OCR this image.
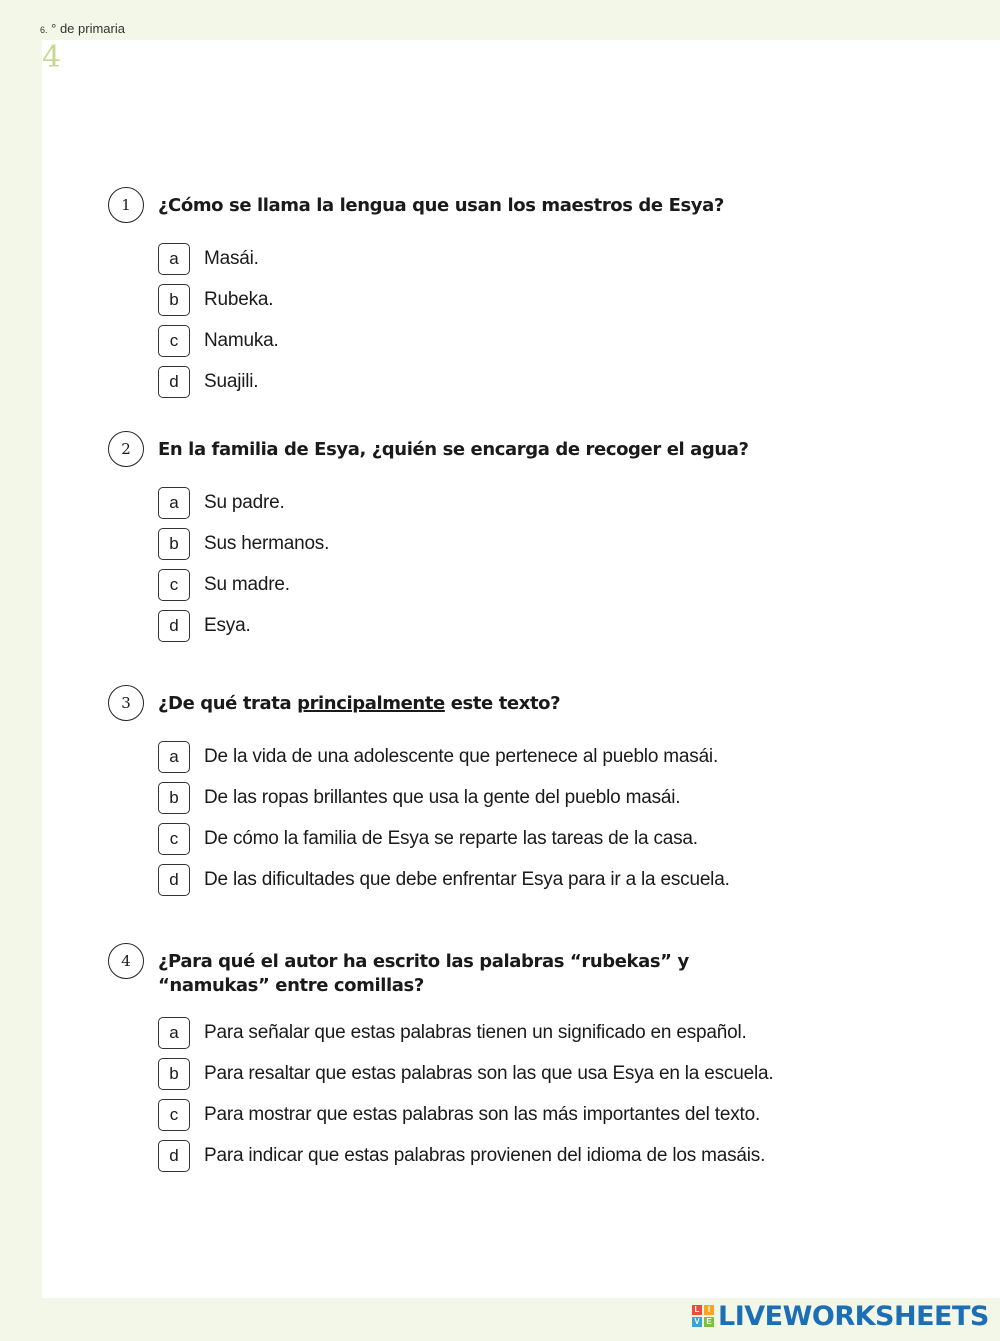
6. ° de primaria
4
1	¿Cómo se llama la lengua que usan los maestros de Esya?
a	Masái.
b	Rubeka.
c	Namuka.
d	Suajili.
2	En la familia de Esya, ¿quién se encarga de recoger el agua?
a	Su padre.
b	Sus hermanos.
c	Su madre.
d	Esya.
3	¿De qué trata principalmente este texto?
a	De la vida de una adolescente que pertenece al pueblo masái.
b	De las ropas brillantes que usa la gente del pueblo masái.
c	De cómo la familia de Esya se reparte las tareas de la casa.
d	De las dificultades que debe enfrentar Esya para ir a la escuela.
4	¿Para qué el autor ha escrito las palabras “rubekas” y “namukas” entre comillas?
a	Para señalar que estas palabras tienen un significado en español.
b	Para resaltar que estas palabras son las que usa Esya en la escuela.
c	Para mostrar que estas palabras son las más importantes del texto.
d	Para indicar que estas palabras provienen del idioma de los masáis.
L	I
V E LIVEWORKSHEETS
